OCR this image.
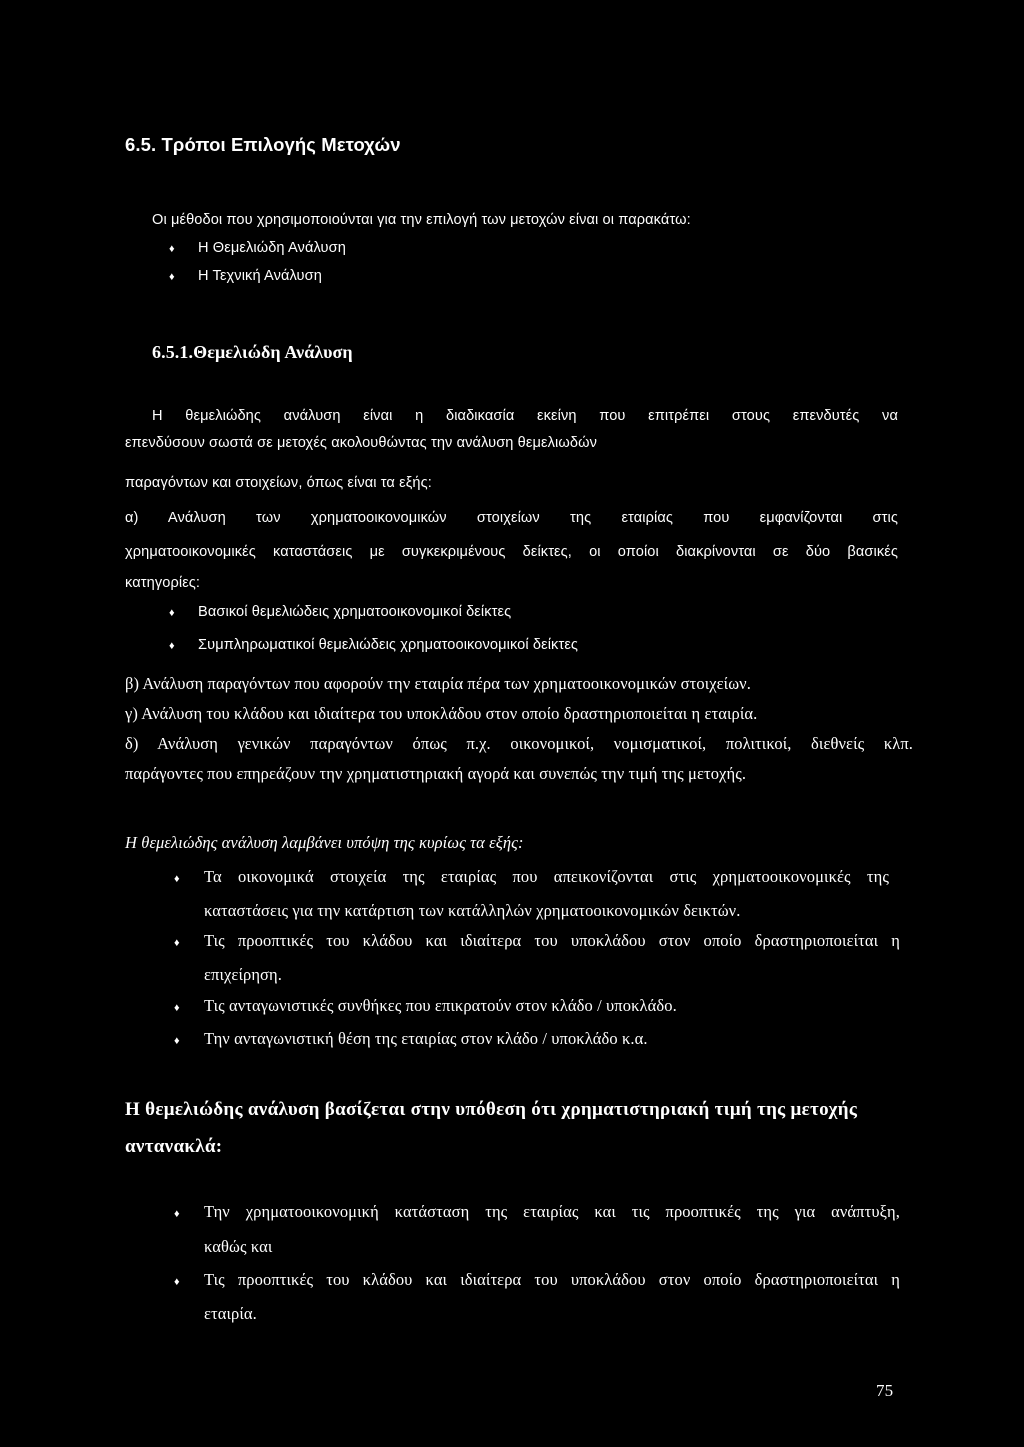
6.5. Τρόποι Επιλογής Μετοχών
Οι μέθοδοι που χρησιμοποιούνται για την επιλογή των μετοχών είναι οι παρακάτω:
♦ Η Θεμελιώδη Ανάλυση
♦ Η Τεχνική Ανάλυση
6.5.1.Θεμελιώδη Ανάλυση
Η θεμελιώδης ανάλυση είναι η διαδικασία εκείνη που επιτρέπει στους επενδυτές να
επενδύσουν σωστά σε μετοχές ακολουθώντας την ανάλυση θεμελιωδών
παραγόντων και στοιχείων, όπως είναι τα εξής:
α) Ανάλυση των χρηματοοικονομικών στοιχείων της εταιρίας που εμφανίζονται στις
χρηματοοικονομικές καταστάσεις με συγκεκριμένους δείκτες, οι οποίοι διακρίνονται σε δύο βασικές
κατηγορίες:
♦ Βασικοί θεμελιώδεις χρηματοοικονομικοί δείκτες
♦ Συμπληρωματικοί θεμελιώδεις χρηματοοικονομικοί δείκτες
β) Ανάλυση παραγόντων που αφορούν την εταιρία πέρα των χρηματοοικονομικών στοιχείων.
γ) Ανάλυση του κλάδου και ιδιαίτερα του υποκλάδου στον οποίο δραστηριοποιείται η εταιρία.
δ) Ανάλυση γενικών παραγόντων όπως π.χ. οικονομικοί, νομισματικοί, πολιτικοί, διεθνείς κλπ.
παράγοντες που επηρεάζουν την χρηματιστηριακή αγορά και συνεπώς την τιμή της μετοχής.
Η θεμελιώδης ανάλυση λαμβάνει υπόψη της κυρίως τα εξής:
♦ Τα οικονομικά στοιχεία της εταιρίας που απεικονίζονται στις χρηματοοικονομικές της
καταστάσεις για την κατάρτιση των κατάλληλών χρηματοοικονομικών δεικτών.
♦ Τις προοπτικές του κλάδου και ιδιαίτερα του υποκλάδου στον οποίο δραστηριοποιείται η
επιχείρηση.
♦ Τις ανταγωνιστικές συνθήκες που επικρατούν στον κλάδο / υποκλάδο.
♦ Την ανταγωνιστική θέση της εταιρίας στον κλάδο / υποκλάδο κ.α.
Η θεμελιώδης ανάλυση βασίζεται στην υπόθεση ότι χρηματιστηριακή τιμή της μετοχής
αντανακλά:
♦ Την χρηματοοικονομική κατάσταση της εταιρίας και τις προοπτικές της για ανάπτυξη,
καθώς και
♦ Τις προοπτικές του κλάδου και ιδιαίτερα του υποκλάδου στον οποίο δραστηριοποιείται η
εταιρία.
75
